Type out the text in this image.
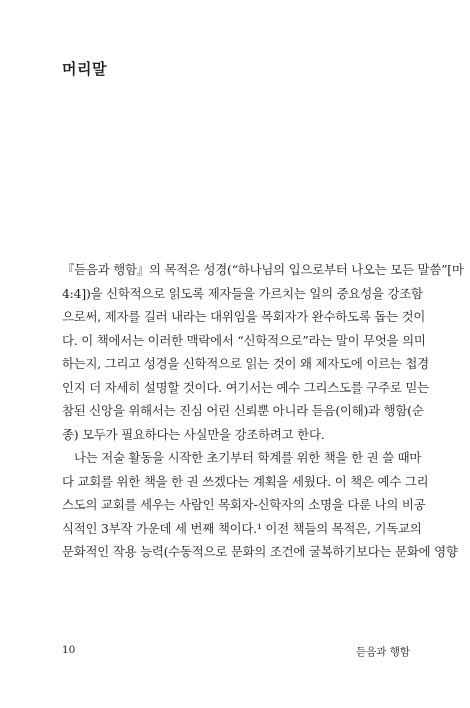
머리말
『듣음과 행함』의 목적은 성경(“하나님의 입으로부터 나오는 모든 말씀”[마
4:4])을 신학적으로 읽도록 제자들을 가르치는 일의 중요성을 강조함
으로써, 제자를 길러 내라는 대위임을 목회자가 완수하도록 돕는 것이
다. 이 책에서는 이러한 맥락에서 “신학적으로”라는 말이 무엇을 의미
하는지, 그리고 성경을 신학적으로 읽는 것이 왜 제자도에 이르는 첩경
인지 더 자세히 설명할 것이다. 여기서는 예수 그리스도를 구주로 믿는
참된 신앙을 위해서는 진심 어린 신뢰뿐 아니라 듣음(이해)과 행함(순
종) 모두가 필요하다는 사실만을 강조하려고 한다.
나는 저술 활동을 시작한 초기부터 학계를 위한 책을 한 권 쓸 때마
다 교회를 위한 책을 한 권 쓰겠다는 계획을 세웠다. 이 책은 예수 그리
스도의 교회를 세우는 사람인 목회자-신학자의 소명을 다룬 나의 비공
식적인 3부작 가운데 세 번째 책이다.¹ 이전 책들의 목적은, 기독교의
문화적인 작용 능력(수동적으로 문화의 조건에 굴복하기보다는 문화에 영향
10	듣음과 행함
